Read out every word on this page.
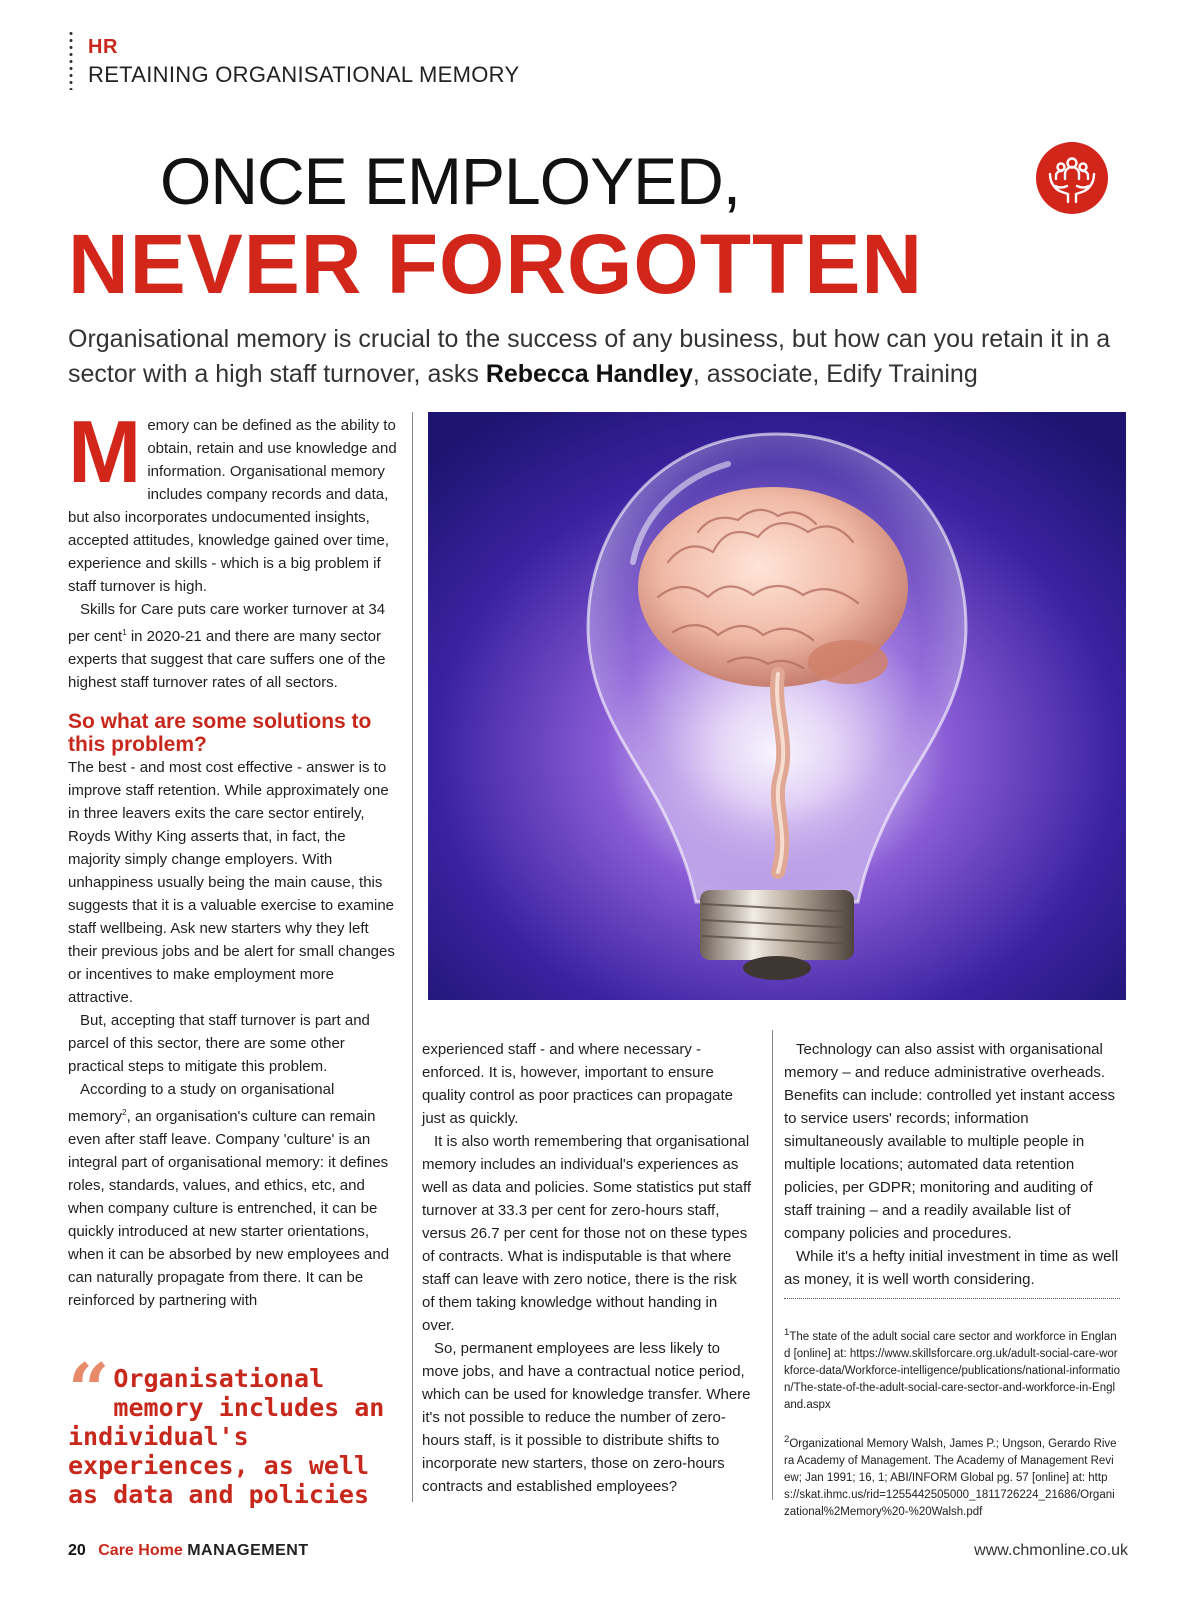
HR
RETAINING ORGANISATIONAL MEMORY
ONCE EMPLOYED,
NEVER FORGOTTEN
Organisational memory is crucial to the success of any business, but how can you retain it in a sector with a high staff turnover, asks Rebecca Handley, associate, Edify Training

Memory can be defined as the ability to obtain, retain and use knowledge and information. Organisational memory includes company records and data, but also incorporates undocumented insights, accepted attitudes, knowledge gained over time, experience and skills - which is a big problem if staff turnover is high.

Skills for Care puts care worker turnover at 34 per cent$^1$ in 2020-21 and there are many sector experts that suggest that care suffers one of the highest staff turnover rates of all sectors.

So what are some solutions to this problem?

The best - and most cost effective - answer is to improve staff retention. While approximately one in three leavers exits the care sector entirely, Royds Withy King asserts that, in fact, the majority simply change employers. With unhappiness usually being the main cause, this suggests that it is a valuable exercise to examine staff wellbeing. Ask new starters why they left their previous jobs and be alert for small changes or incentives to make employment more attractive.

But, accepting that staff turnover is part and parcel of this sector, there are some other practical steps to mitigate this problem.

According to a study on organisational memory$^2$, an organisation's culture can remain even after staff leave. Company 'culture' is an integral part of organisational memory: it defines roles, standards, values, and ethics, etc, and when company culture is entrenched, it can be quickly introduced at new starter orientations, when it can be absorbed by new employees and can naturally propagate from there. It can be reinforced by partnering with

“ Organisational memory includes an individual's experiences, as well as data and policies

experienced staff - and where necessary - enforced. It is, however, important to ensure quality control as poor practices can propagate just as quickly.

It is also worth remembering that organisational memory includes an individual's experiences as well as data and policies. Some statistics put staff turnover at 33.3 per cent for zero-hours staff, versus 26.7 per cent for those not on these types of contracts. What is indisputable is that where staff can leave with zero notice, there is the risk of them taking knowledge without handing in over.

So, permanent employees are less likely to move jobs, and have a contractual notice period, which can be used for knowledge transfer. Where it's not possible to reduce the number of zero-hours staff, is it possible to distribute shifts to incorporate new starters, those on zero-hours contracts and established employees?

Technology can also assist with organisational memory – and reduce administrative overheads. Benefits can include: controlled yet instant access to service users' records; information simultaneously available to multiple people in multiple locations; automated data retention policies, per GDPR; monitoring and auditing of staff training – and a readily available list of company policies and procedures.

While it's a hefty initial investment in time as well as money, it is well worth considering.

$^1$The state of the adult social care sector and workforce in England [online] at: https://www.skillsforcare.org.uk/adult-social-care-workforce-data/Workforce-intelligence/publications/national-information/The-state-of-the-adult-social-care-sector-and-workforce-in-England.aspx

$^2$Organizational Memory Walsh, James P.; Ungson, Gerardo Rivera Academy of Management. The Academy of Management Review; Jan 1991; 16, 1; ABI/INFORM Global pg. 57 [online] at: https://skat.ihmc.us/rid=1255442505000_1811726224_21686/Organizational%2Memory%20-%20Walsh.pdf

20 Care Home MANAGEMENT	www.chmonline.co.uk
